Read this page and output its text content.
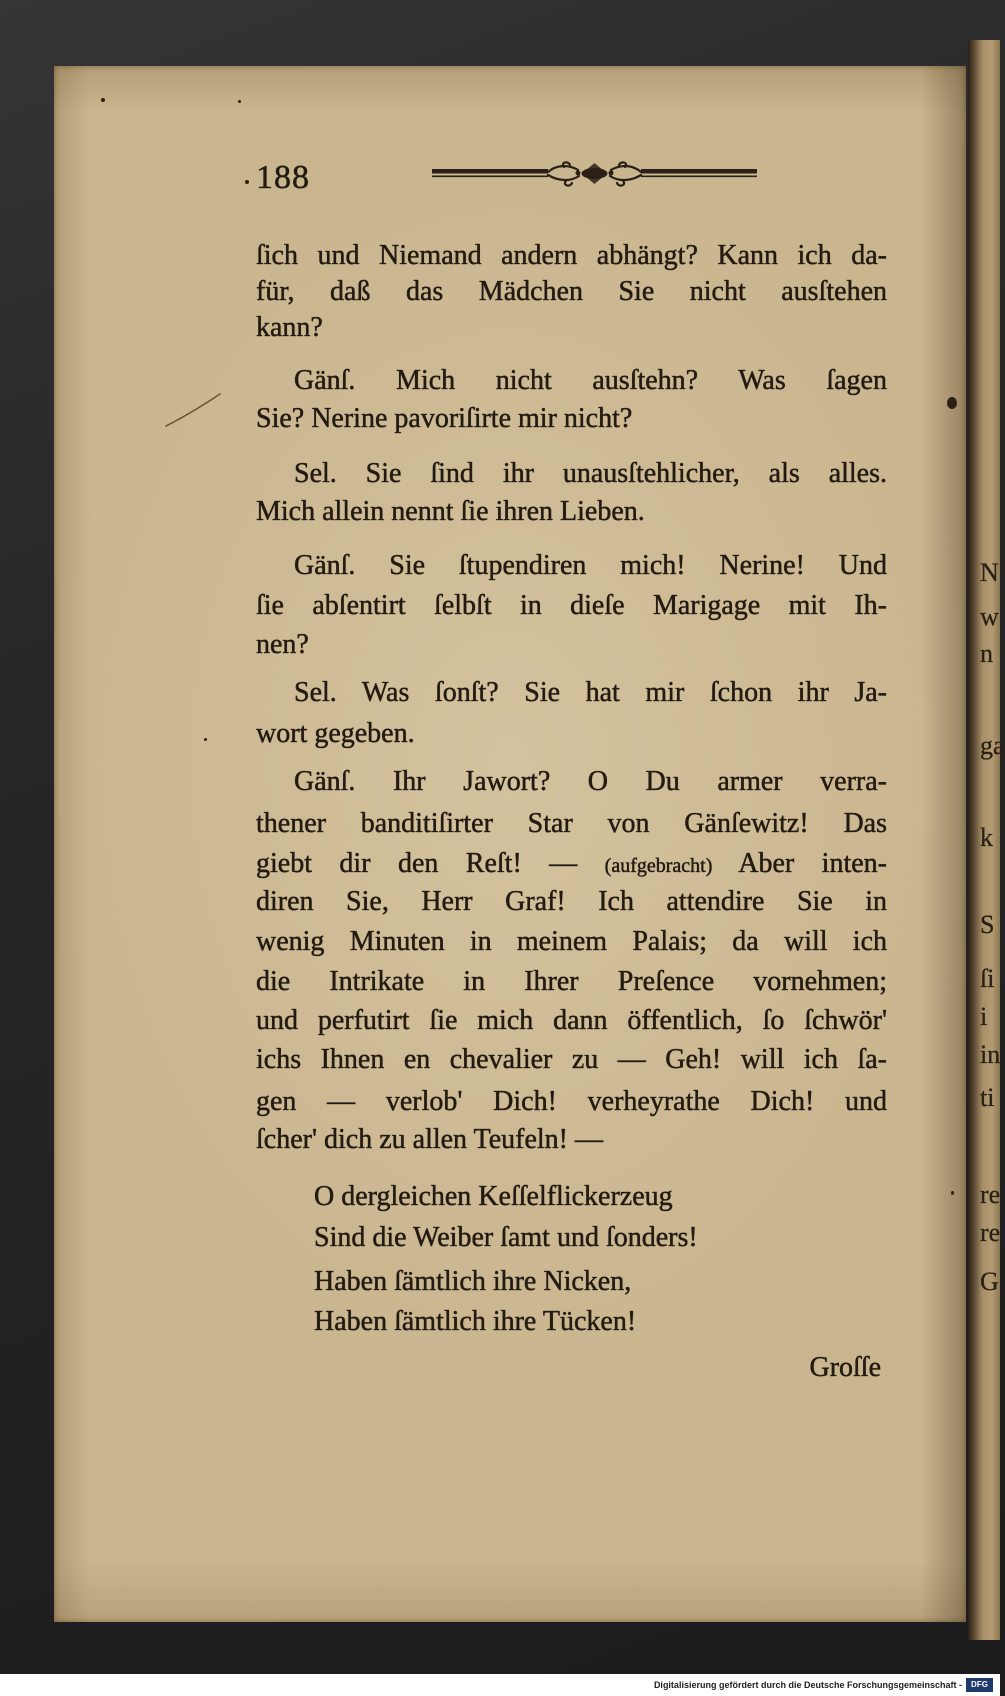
N
w
n
ga
k
S
ſi
i
in
ti
re
re
G
188
ſich und Niemand andern abhängt? Kann ich da-
für, daß das Mädchen Sie nicht ausſtehen
kann?
Gänſ. Mich nicht ausſtehn? Was ſagen
Sie? Nerine pavoriſirte mir nicht?
Sel. Sie ſind ihr unausſtehlicher, als alles.
Mich allein nennt ſie ihren Lieben.
Gänſ. Sie ſtupendiren mich! Nerine! Und
ſie abſentirt ſelbſt in dieſe Marigage mit Ih-
nen?
Sel. Was ſonſt? Sie hat mir ſchon ihr Ja-
wort gegeben.
Gänſ. Ihr Jawort? O Du armer verra-
thener banditiſirter Star von Gänſewitz! Das
giebt dir den Reſt! — (aufgebracht) Aber inten-
diren Sie, Herr Graf! Ich attendire Sie in
wenig Minuten in meinem Palais; da will ich
die Intrikate in Ihrer Preſence vornehmen;
und perfutirt ſie mich dann öffentlich, ſo ſchwör'
ichs Ihnen en chevalier zu — Geh! will ich ſa-
gen — verlob' Dich! verheyrathe Dich! und
ſcher' dich zu allen Teufeln! —
O dergleichen Keſſelflickerzeug
Sind die Weiber ſamt und ſonders!
Haben ſämtlich ihre Nicken,
Haben ſämtlich ihre Tücken!
Groſſe
Digitalisierung gefördert durch die Deutsche Forschungsgemeinschaft -	DFG
